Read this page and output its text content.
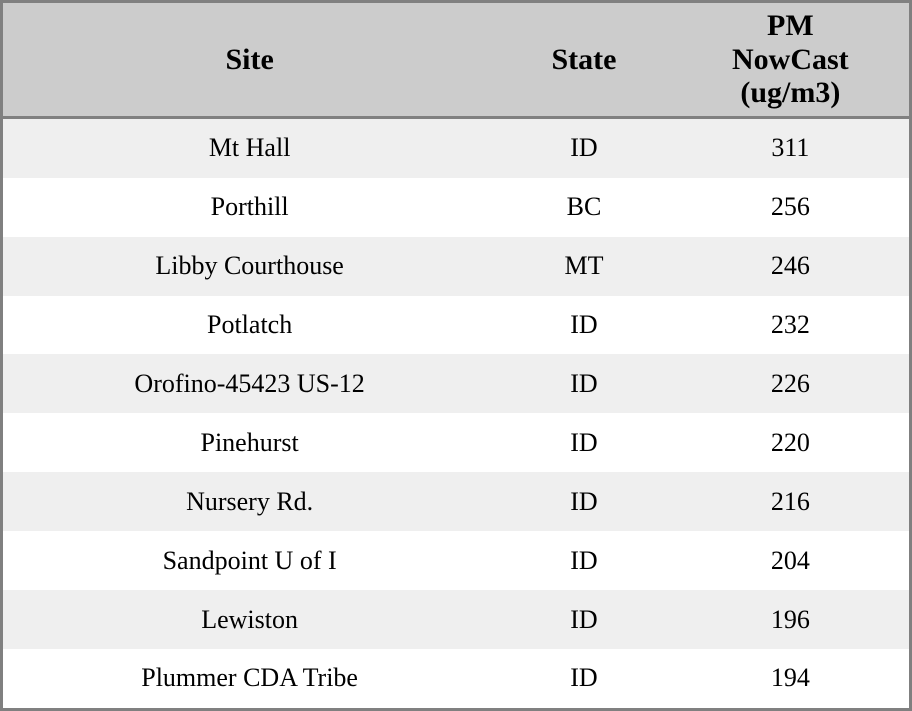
Site	State	PM
NowCast
(ug/m3)

Mt Hall	ID	311
Porthill	BC	256
Libby Courthouse	MT	246
Potlatch	ID	232
Orofino-45423 US-12	ID	226
Pinehurst	ID	220
Nursery Rd.	ID	216
Sandpoint U of I	ID	204
Lewiston	ID	196
Plummer CDA Tribe	ID	194
